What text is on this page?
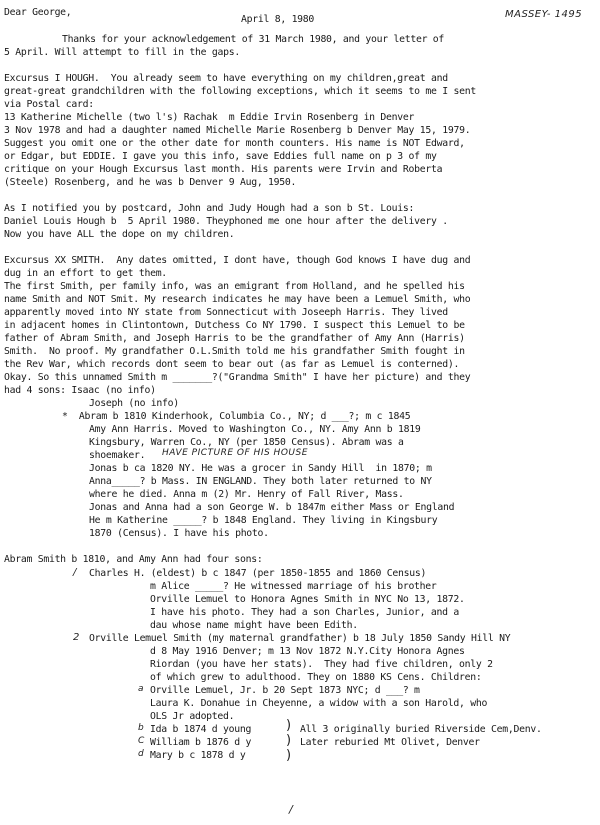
Dear George,
April 8, 1980	MASSEY- 1495
Thanks for your acknowledgement of 31 March 1980, and your letter of
5 April. Will attempt to fill in the gaps.
Excursus I HOUGH.  You already seem to have everything on my children,great and
great-great grandchildren with the following exceptions, which it seems to me I sent
via Postal card:
13 Katherine Michelle (two l's) Rachak  m Eddie Irvin Rosenberg in Denver
3 Nov 1978 and had a daughter named Michelle Marie Rosenberg b Denver May 15, 1979.
Suggest you omit one or the other date for month counters. His name is NOT Edward,
or Edgar, but EDDIE. I gave you this info, save Eddies full name on p 3 of my
critique on your Hough Excursus last month. His parents were Irvin and Roberta
(Steele) Rosenberg, and he was b Denver 9 Aug, 1950.
As I notified you by postcard, John and Judy Hough had a son b St. Louis:
Daniel Louis Hough b  5 April 1980. Theyphoned me one hour after the delivery .
Now you have ALL the dope on my children.
Excursus XX SMITH.  Any dates omitted, I dont have, though God knows I have dug and
dug in an effort to get them.
The first Smith, per family info, was an emigrant from Holland, and he spelled his
name Smith and NOT Smit. My research indicates he may have been a Lemuel Smith, who
apparently moved into NY state from Sonnecticut with Joseeph Harris. They lived
in adjacent homes in Clintontown, Dutchess Co NY 1790. I suspect this Lemuel to be
father of Abram Smith, and Joseph Harris to be the grandfather of Amy Ann (Harris)
Smith.  No proof. My grandfather O.L.Smith told me his grandfather Smith fought in
the Rev War, which records dont seem to bear out (as far as Lemuel is conterned).
Okay. So this unnamed Smith m _______?("Grandma Smith" I have her picture) and they
had 4 sons: Isaac (no info)
Joseph (no info)
*  Abram b 1810 Kinderhook, Columbia Co., NY; d ___?; m c 1845
Amy Ann Harris. Moved to Washington Co., NY. Amy Ann b 1819
Kingsbury, Warren Co., NY (per 1850 Census). Abram was a
shoemaker. HAVE PICTURE OF HIS HOUSE
Jonas b ca 1820 NY. He was a grocer in Sandy Hill  in 1870; m
Anna_____? b Mass. IN ENGLAND. They both later returned to NY
where he died. Anna m (2) Mr. Henry of Fall River, Mass.
Jonas and Anna had a son George W. b 1847m either Mass or England
He m Katherine _____? b 1848 England. They living in Kingsbury
1870 (Census). I have his photo.
Abram Smith b 1810, and Amy Ann had four sons:
/ Charles H. (eldest) b c 1847 (per 1850-1855 and 1860 Census)
m Alice _____? He witnessed marriage of his brother
Orville Lemuel to Honora Agnes Smith in NYC No 13, 1872.
I have his photo. They had a son Charles, Junior, and a
dau whose name might have been Edith.
2 Orville Lemuel Smith (my maternal grandfather) b 18 July 1850 Sandy Hill NY
d 8 May 1916 Denver; m 13 Nov 1872 N.Y.City Honora Agnes
Riordan (you have her stats).  They had five children, only 2
of which grew to adulthood. They on 1880 KS Cens. Children:
a Orville Lemuel, Jr. b 20 Sept 1873 NYC; d ___? m
Laura K. Donahue in Cheyenne, a widow with a son Harold, who
OLS Jr adopted.
b Ida b 1874 d young
C William b 1876 d y
d Mary b c 1878 d y
)
)
)
All 3 originally buried Riverside Cem,Denv.
Later reburied Mt Olivet, Denver
/
